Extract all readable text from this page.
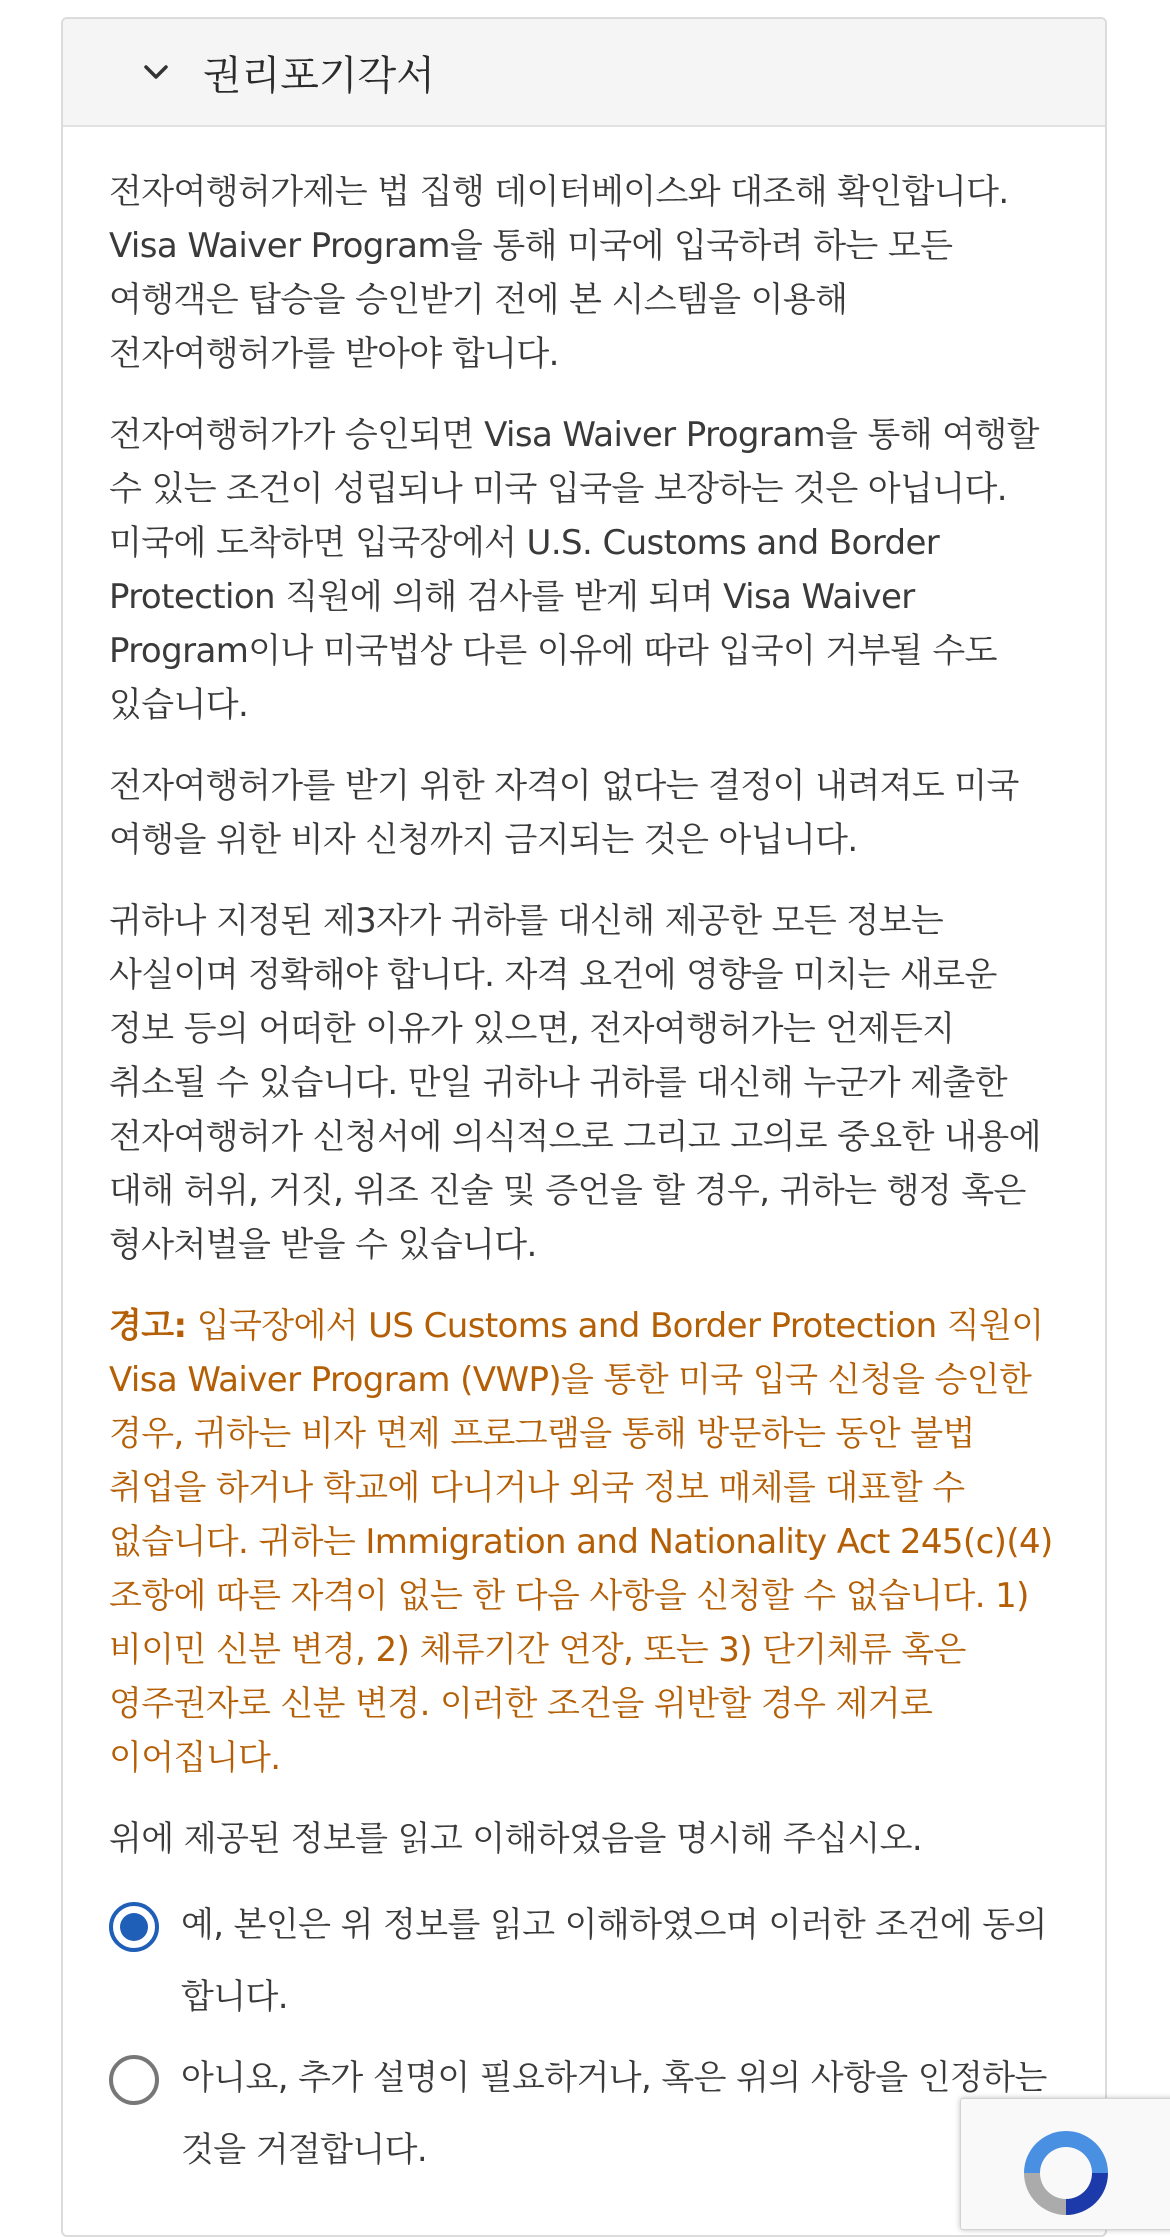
권리포기각서

전자여행허가제는 법 집행 데이터베이스와 대조해 확인합니다. Visa Waiver Program을 통해 미국에 입국하려 하는 모든 여행객은 탑승을 승인받기 전에 본 시스템을 이용해 전자여행허가를 받아야 합니다.

전자여행허가가 승인되면 Visa Waiver Program을 통해 여행할 수 있는 조건이 성립되나 미국 입국을 보장하는 것은 아닙니다. 미국에 도착하면 입국장에서 U.S. Customs and Border Protection 직원에 의해 검사를 받게 되며 Visa Waiver Program이나 미국법상 다른 이유에 따라 입국이 거부될 수도 있습니다.

전자여행허가를 받기 위한 자격이 없다는 결정이 내려져도 미국 여행을 위한 비자 신청까지 금지되는 것은 아닙니다.

귀하나 지정된 제3자가 귀하를 대신해 제공한 모든 정보는 사실이며 정확해야 합니다. 자격 요건에 영향을 미치는 새로운 정보 등의 어떠한 이유가 있으면, 전자여행허가는 언제든지 취소될 수 있습니다. 만일 귀하나 귀하를 대신해 누군가 제출한 전자여행허가 신청서에 의식적으로 그리고 고의로 중요한 내용에 대해 허위, 거짓, 위조 진술 및 증언을 할 경우, 귀하는 행정 혹은 형사처벌을 받을 수 있습니다.

경고: 입국장에서 US Customs and Border Protection 직원이 Visa Waiver Program (VWP)을 통한 미국 입국 신청을 승인한 경우, 귀하는 비자 면제 프로그램을 통해 방문하는 동안 불법 취업을 하거나 학교에 다니거나 외국 정보 매체를 대표할 수 없습니다. 귀하는 Immigration and Nationality Act 245(c)(4) 조항에 따른 자격이 없는 한 다음 사항을 신청할 수 없습니다. 1) 비이민 신분 변경, 2) 체류기간 연장, 또는 3) 단기체류 혹은 영주권자로 신분 변경. 이러한 조건을 위반할 경우 제거로 이어집니다.

위에 제공된 정보를 읽고 이해하였음을 명시해 주십시오.

예, 본인은 위 정보를 읽고 이해하였으며 이러한 조건에 동의합니다.
아니요, 추가 설명이 필요하거나, 혹은 위의 사항을 인정하는 것을 거절합니다.
